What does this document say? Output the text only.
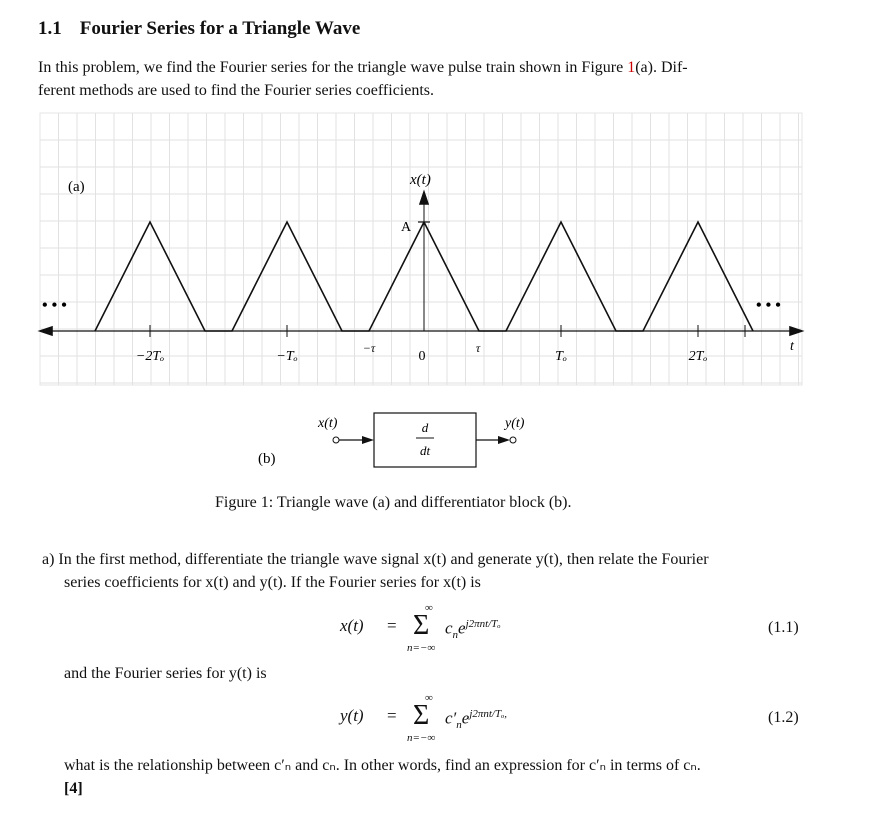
1.1 Fourier Series for a Triangle Wave
In this problem, we find the Fourier series for the triangle wave pulse train shown in Figure 1(a). Dif-
ferent methods are used to find the Fourier series coefficients.
(a)	x(t)
A
t
−2Tₒ	−Tₒ
−τ
0
τ
Tₒ	2Tₒ
• • •	• • •
(b)
x(t)	y(t)
d
dt
Figure 1: Triangle wave (a) and differentiator block (b).
a) In the first method, differentiate the triangle wave signal x(t) and generate y(t), then relate the Fourier
series coefficients for x(t) and y(t). If the Fourier series for x(t) is
x(t) =
∞
Σ
n=−∞
$c_ne^{j2\pi nt/T_o}$	(1.1)
and the Fourier series for y(t) is
y(t) =
∞
Σ
n=−∞
$c'_ne^{j2\pi nt/T_o,}$	(1.2)
what is the relationship between c′ₙ and cₙ. In other words, find an expression for c′ₙ in terms of cₙ.
[4]
